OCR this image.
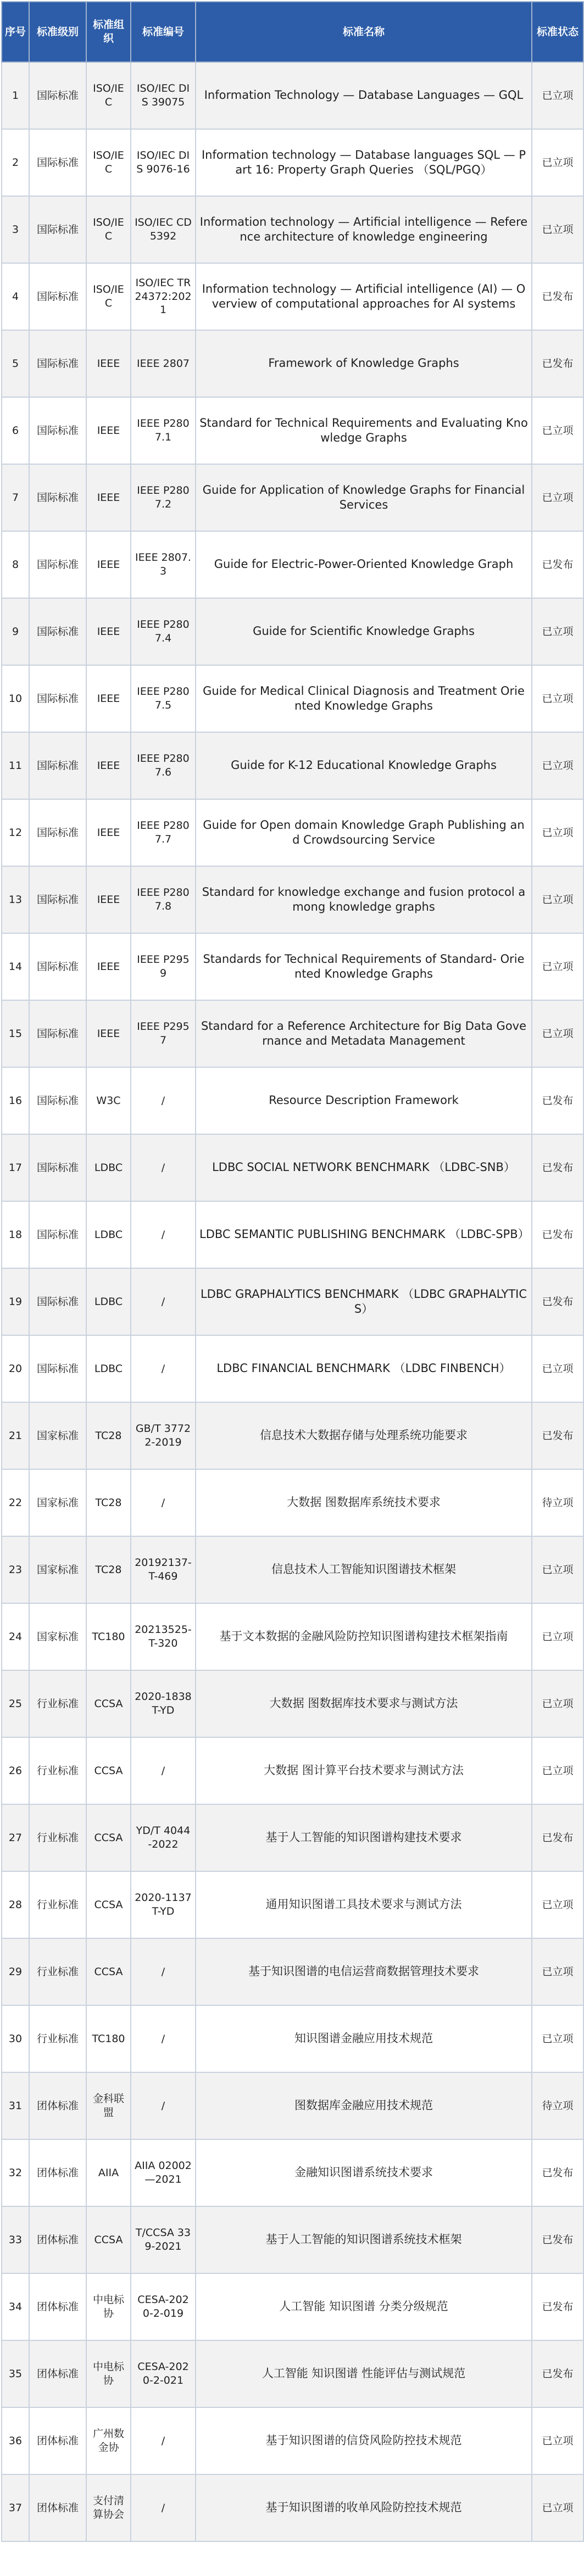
序号	标准级别	标准组织	标准编号	标准名称	标准状态
1	国际标准	ISO/IEC	ISO/IEC DIS 39075	Information Technology — Database Languages — GQL	已立项
2	国际标准	ISO/IEC	ISO/IEC DIS 9076-16	Information technology — Database languages SQL — Part 16: Property Graph Queries （SQL/PGQ）	已立项
3	国际标准	ISO/IEC	ISO/IEC CD 5392	Information technology — Artificial intelligence — Reference architecture of knowledge engineering	已立项
4	国际标准	ISO/IEC	ISO/IEC TR 24372:2021	Information technology — Artificial intelligence (AI) — Overview of computational approaches for AI systems	已发布
5	国际标准	IEEE	IEEE 2807	Framework of Knowledge Graphs	已发布
6	国际标准	IEEE	IEEE P2807.1	Standard for Technical Requirements and Evaluating Knowledge Graphs	已立项
7	国际标准	IEEE	IEEE P2807.2	Guide for Application of Knowledge Graphs for Financial Services	已立项
8	国际标准	IEEE	IEEE 2807.3	Guide for Electric-Power-Oriented Knowledge Graph	已发布
9	国际标准	IEEE	IEEE P2807.4	Guide for Scientific Knowledge Graphs	已立项
10	国际标准	IEEE	IEEE P2807.5	Guide for Medical Clinical Diagnosis and Treatment Oriented Knowledge Graphs	已立项
11	国际标准	IEEE	IEEE P2807.6	Guide for K-12 Educational Knowledge Graphs	已立项
12	国际标准	IEEE	IEEE P2807.7	Guide for Open domain Knowledge Graph Publishing and Crowdsourcing Service	已立项
13	国际标准	IEEE	IEEE P2807.8	Standard for knowledge exchange and fusion protocol among knowledge graphs	已立项
14	国际标准	IEEE	IEEE P2959	Standards for Technical Requirements of Standard- Oriented Knowledge Graphs	已立项
15	国际标准	IEEE	IEEE P2957	Standard for a Reference Architecture for Big Data Governance and Metadata Management	已立项
16	国际标准	W3C	/	Resource Description Framework	已发布
17	国际标准	LDBC	/	LDBC SOCIAL NETWORK BENCHMARK （LDBC-SNB）	已发布
18	国际标准	LDBC	/	LDBC SEMANTIC PUBLISHING BENCHMARK （LDBC-SPB）	已发布
19	国际标准	LDBC	/	LDBC GRAPHALYTICS BENCHMARK （LDBC GRAPHALYTICS）	已发布
20	国际标准	LDBC	/	LDBC FINANCIAL BENCHMARK （LDBC FINBENCH）	已立项
21	国家标准	TC28	GB/T 37722-2019	信息技术大数据存储与处理系统功能要求	已发布
22	国家标准	TC28	/	大数据 图数据库系统技术要求	待立项
23	国家标准	TC28	20192137-T-469	信息技术人工智能知识图谱技术框架	已立项
24	国家标准	TC180	20213525-T-320	基于文本数据的金融风险防控知识图谱构建技术框架指南	已立项
25	行业标准	CCSA	2020-1838T-YD	大数据 图数据库技术要求与测试方法	已立项
26	行业标准	CCSA	/	大数据 图计算平台技术要求与测试方法	已立项
27	行业标准	CCSA	YD/T 4044-2022	基于人工智能的知识图谱构建技术要求	已发布
28	行业标准	CCSA	2020-1137T-YD	通用知识图谱工具技术要求与测试方法	已立项
29	行业标准	CCSA	/	基于知识图谱的电信运营商数据管理技术要求	已立项
30	行业标准	TC180	/	知识图谱金融应用技术规范	已立项
31	团体标准	金科联盟	/	图数据库金融应用技术规范	待立项
32	团体标准	AIIA	AIIA 02002—2021	金融知识图谱系统技术要求	已发布
33	团体标准	CCSA	T/CCSA 339-2021	基于人工智能的知识图谱系统技术框架	已发布
34	团体标准	中电标协	CESA-2020-2-019	人工智能 知识图谱 分类分级规范	已发布
35	团体标准	中电标协	CESA-2020-2-021	人工智能 知识图谱 性能评估与测试规范	已发布
36	团体标准	广州数金协	/	基于知识图谱的信贷风险防控技术规范	已立项
37	团体标准	支付清算协会	/	基于知识图谱的收单风险防控技术规范	已立项
